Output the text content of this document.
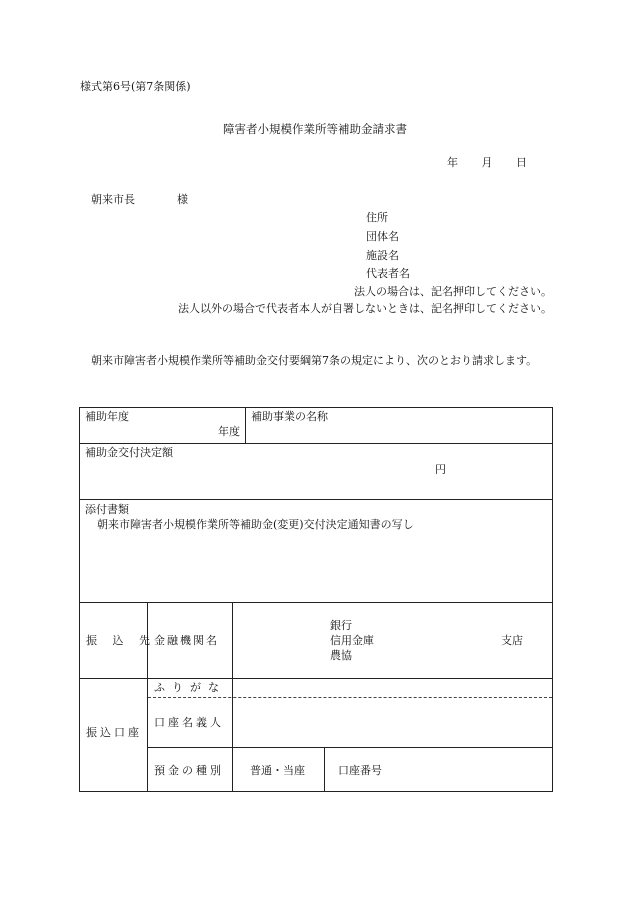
様式第6号(第7条関係)
障害者小規模作業所等補助金請求書
年 月 日
朝来市長	様
住所
団体名
施設名
代表者名
法人の場合は、記名押印してください。
法人以外の場合で代表者本人が自署しないときは、記名押印してください。
朝来市障害者小規模作業所等補助金交付要綱第7条の規定により、次のとおり請求します。
補助年度
年度
補助事業の名称
補助金交付決定額
円
添付書類
朝来市障害者小規模作業所等補助金(変更)交付決定通知書の写し
振 込 先
金融機関名
銀行
信用金庫
農協
支店
振込口座
ふりがな
口座名義人
預金の種別 普通・当座	口座番号
